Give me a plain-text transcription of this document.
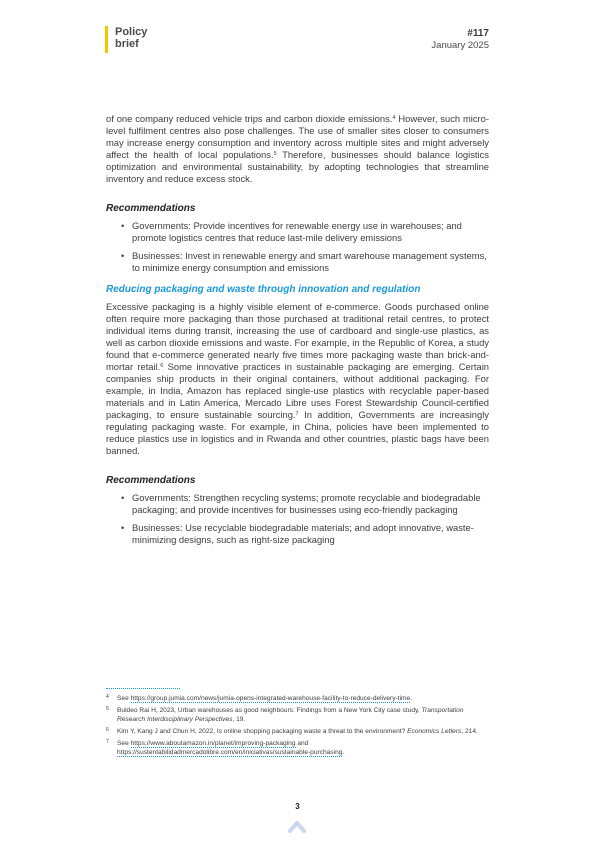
Policy
brief
#117
January 2025

of one company reduced vehicle trips and carbon dioxide emissions.$^4$ However, such micro-level fulfilment centres also pose challenges. The use of smaller sites closer to consumers may increase energy consumption and inventory across multiple sites and might adversely affect the health of local populations.$^5$ Therefore, businesses should balance logistics optimization and environmental sustainability, by adopting technologies that streamline inventory and reduce excess stock.

Recommendations
• Governments: Provide incentives for renewable energy use in warehouses; and promote logistics centres that reduce last-mile delivery emissions
• Businesses: Invest in renewable energy and smart warehouse management systems, to minimize energy consumption and emissions
Reducing packaging and waste through innovation and regulation

Excessive packaging is a highly visible element of e-commerce. Goods purchased online often require more packaging than those purchased at traditional retail centres, to protect individual items during transit, increasing the use of cardboard and single-use plastics, as well as carbon dioxide emissions and waste. For example, in the Republic of Korea, a study found that e-commerce generated nearly five times more packaging waste than brick-and-mortar retail.$^6$ Some innovative practices in sustainable packaging are emerging. Certain companies ship products in their original containers, without additional packaging. For example, in India, Amazon has replaced single-use plastics with recyclable paper-based materials and in Latin America, Mercado Libre uses Forest Stewardship Council-certified packaging, to ensure sustainable sourcing.$^7$ In addition, Governments are increasingly regulating packaging waste. For example, in China, policies have been implemented to reduce plastics use in logistics and in Rwanda and other countries, plastic bags have been banned.

Recommendations
• Governments: Strengthen recycling systems; promote recyclable and biodegradable packaging; and provide incentives for businesses using eco-friendly packaging
• Businesses: Use recyclable biodegradable materials; and adopt innovative, waste-minimizing designs, such as right-size packaging
4 See https://group.jumia.com/news/jumia-opens-integrated-warehouse-facility-to-reduce-delivery-time.
5 Buldeo Rai H, 2023, Urban warehouses as good neighbours: Findings from a New York City case study, Transportation Research Interdisciplinary Perspectives, 19.
6 Kim Y, Kang J and Chun H, 2022, Is online shopping packaging waste a threat to the environment? Economics Letters, 214.
7 See https://www.aboutamazon.in/planet/improving-packaging and https://sustentabilidadmercadolibre.com/en/iniciativas/sustainable-purchasing.
3
